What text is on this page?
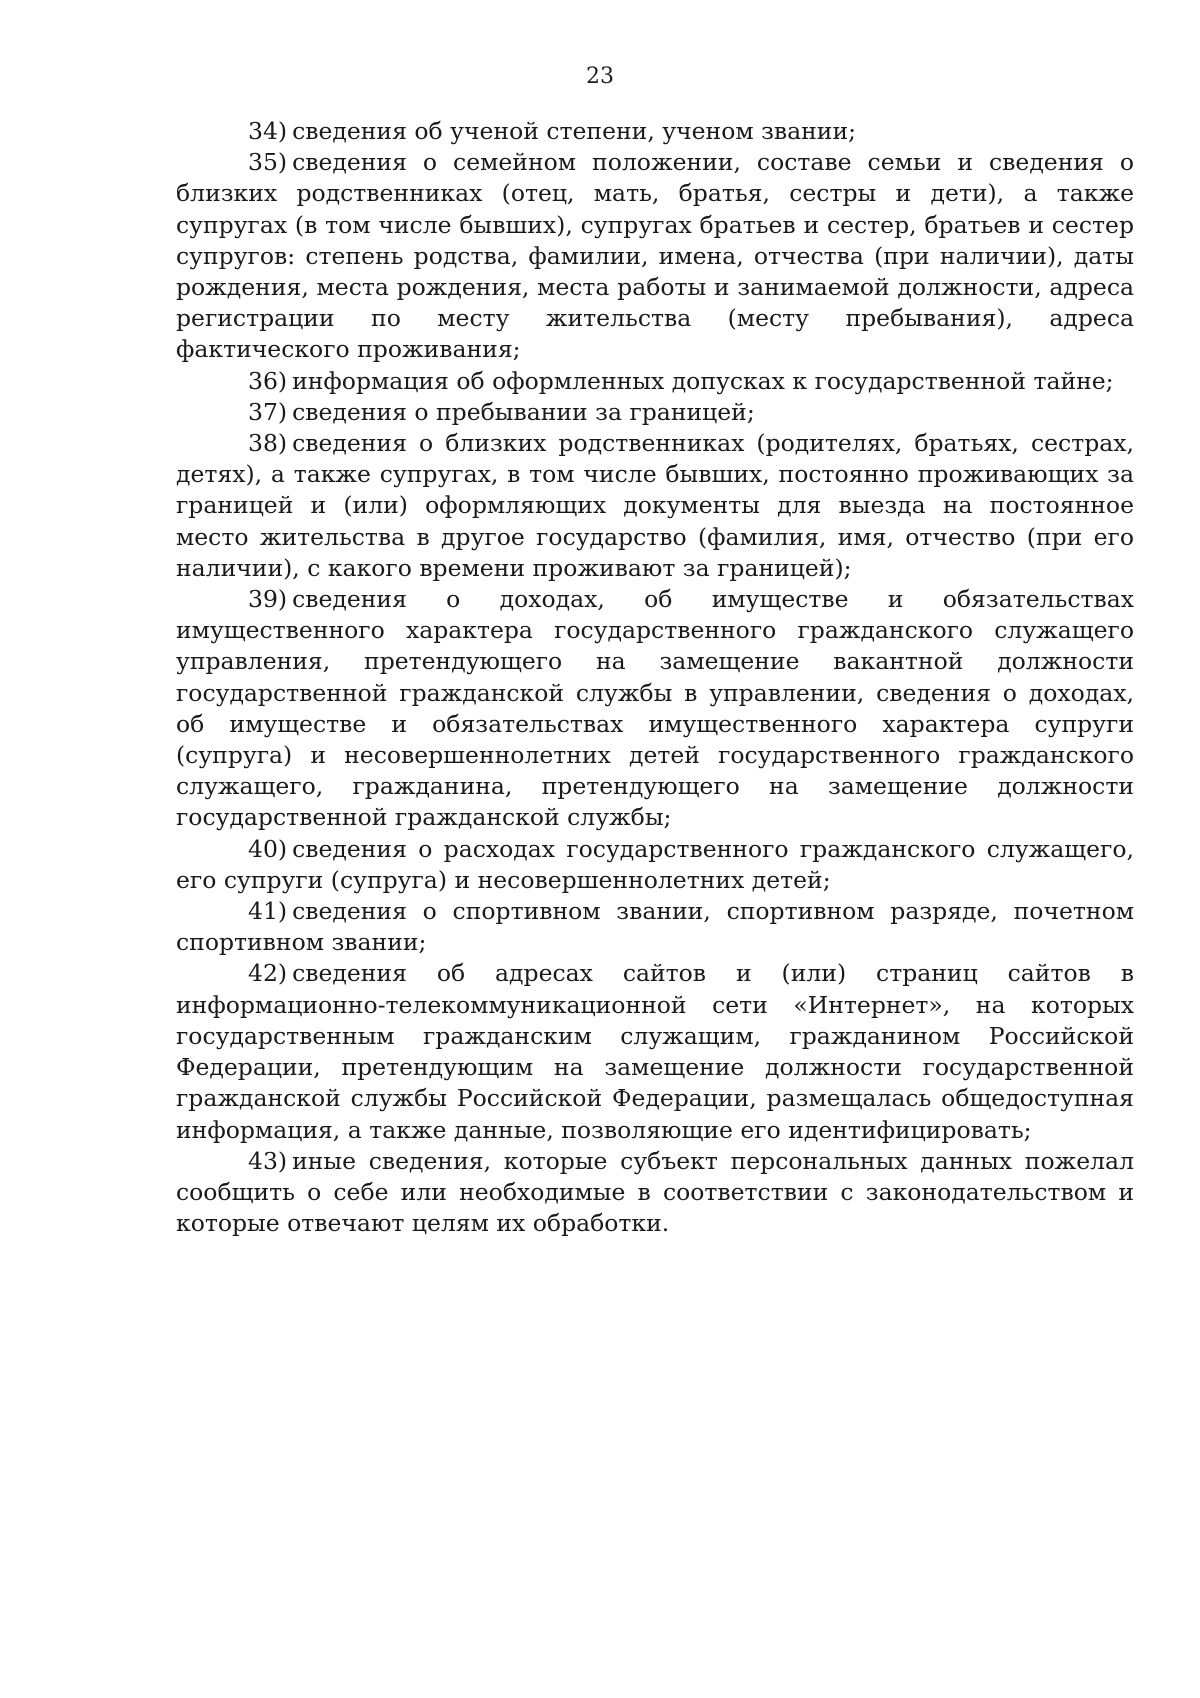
23

34) сведения об ученой степени, ученом звании;

35) сведения о семейном положении, составе семьи и сведения о близких родственниках (отец, мать, братья, сестры и дети), а также супругах (в том числе бывших), супругах братьев и сестер, братьев и сестер супругов: степень родства, фамилии, имена, отчества (при наличии), даты рождения, места рождения, места работы и занимаемой должности, адреса регистрации по месту жительства (месту пребывания), адреса фактического проживания;

36) информация об оформленных допусках к государственной тайне;

37) сведения о пребывании за границей;

38) сведения о близких родственниках (родителях, братьях, сестрах, детях), а также супругах, в том числе бывших, постоянно проживающих за границей и (или) оформляющих документы для выезда на постоянное место жительства в другое государство (фамилия, имя, отчество (при его наличии), с какого времени проживают за границей);

39) сведения о доходах, об имуществе и обязательствах имущественного характера государственного гражданского служащего управления, претендующего на замещение вакантной должности государственной гражданской службы в управлении, сведения о доходах, об имуществе и обязательствах имущественного характера супруги (супруга) и несовершеннолетних детей государственного гражданского служащего, гражданина, претендующего на замещение должности государственной гражданской службы;

40) сведения о расходах государственного гражданского служащего, его супруги (супруга) и несовершеннолетних детей;

41) сведения о спортивном звании, спортивном разряде, почетном спортивном звании;

42) сведения об адресах сайтов и (или) страниц сайтов в информационно-телекоммуникационной сети «Интернет», на которых государственным гражданским служащим, гражданином Российской Федерации, претендующим на замещение должности государственной гражданской службы Российской Федерации, размещалась общедоступная информация, а также данные, позволяющие его идентифицировать;

43) иные сведения, которые субъект персональных данных пожелал сообщить о себе или необходимые в соответствии с законодательством и которые отвечают целям их обработки.
